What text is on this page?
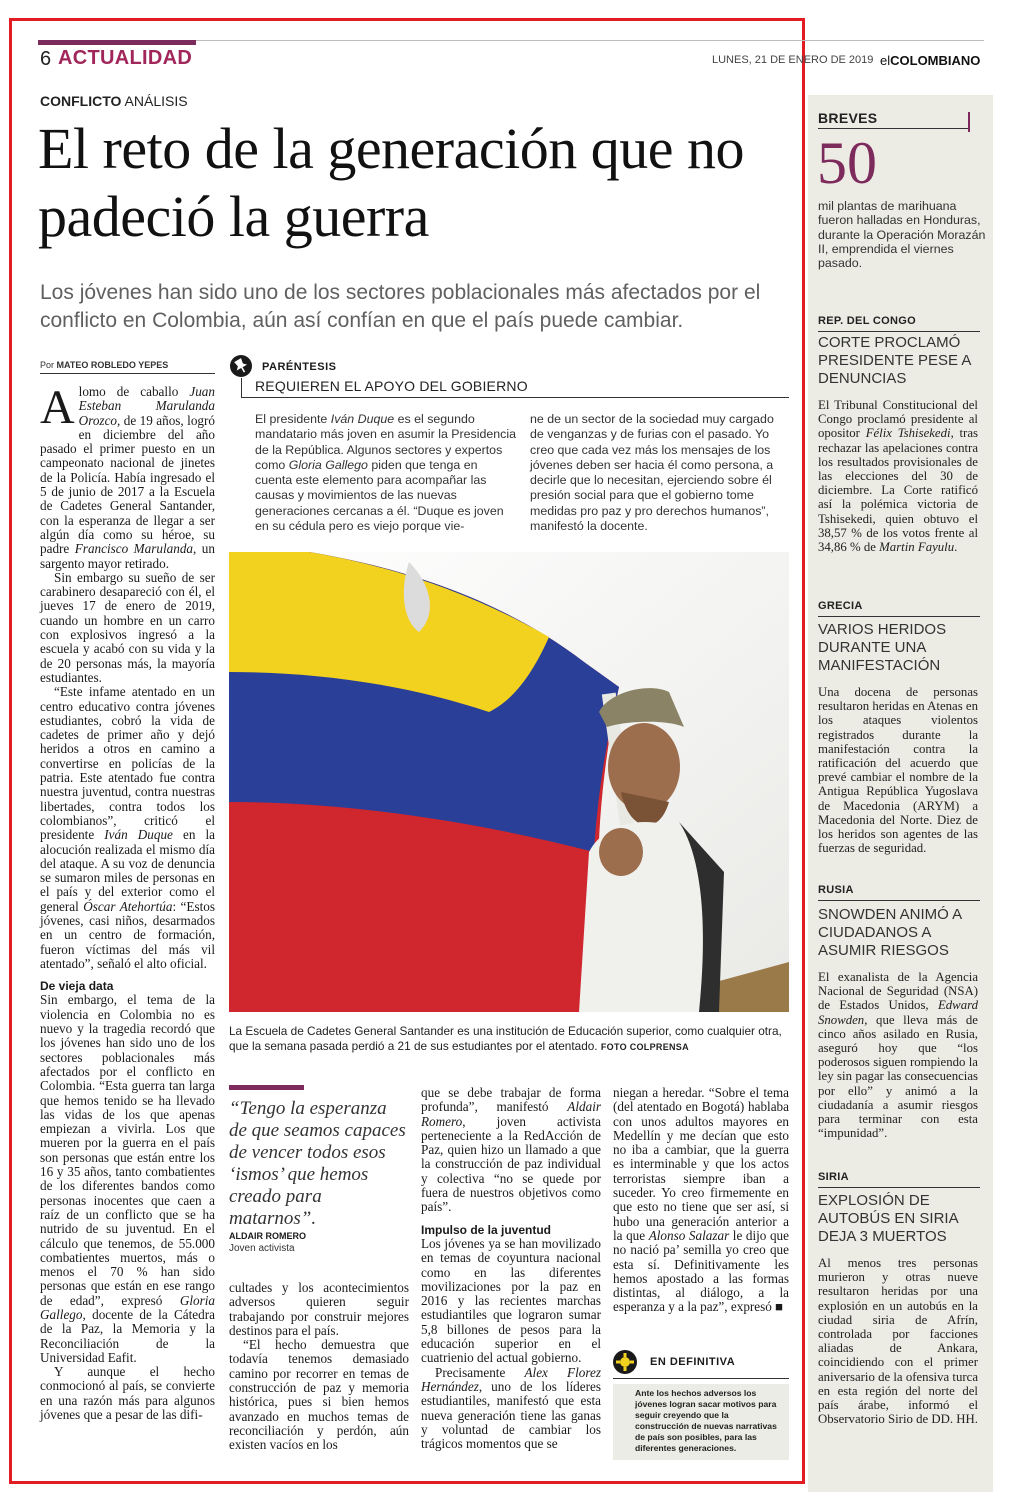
6 ACTUALIDAD	LUNES, 21 DE ENERO DE 2019 elCOLOMBIANO
CONFLICTO ANÁLISIS
El reto de la generación que no padeció la guerra
Los jóvenes han sido uno de los sectores poblacionales más afectados por el conflicto en Colombia, aún así confían en que el país puede cambiar.
Por MATEO ROBLEDO YEPES

Alomo de caballo Juan Esteban Marulanda Orozco, de 19 años, logró en diciembre del año pasado el primer puesto en un campeonato nacional de jinetes de la Policía. Había ingresado el 5 de junio de 2017 a la Escuela de Cadetes General Santander, con la esperanza de llegar a ser algún día como su héroe, su padre Francisco Marulanda, un sargento mayor retirado.

Sin embargo su sueño de ser carabinero desapareció con él, el jueves 17 de enero de 2019, cuando un hombre en un carro con explosivos ingresó a la escuela y acabó con su vida y la de 20 personas más, la mayoría estudiantes.

“Este infame atentado en un centro educativo contra jóvenes estudiantes, cobró la vida de cadetes de primer año y dejó heridos a otros en camino a convertirse en policías de la patria. Este atentado fue contra nuestra juventud, contra nuestras libertades, contra todos los colombianos”, criticó el presidente Iván Duque en la alocución realizada el mismo día del ataque. A su voz de denuncia se sumaron miles de personas en el país y del exterior como el general Óscar Atehortúa: “Estos jóvenes, casi niños, desarmados en un centro de formación, fueron víctimas del más vil atentado”, señaló el alto oficial.

De vieja data

Sin embargo, el tema de la violencia en Colombia no es nuevo y la tragedia recordó que los jóvenes han sido uno de los sectores poblacionales más afectados por el conflicto en Colombia. “Esta guerra tan larga que hemos tenido se ha llevado las vidas de los que apenas empiezan a vivirla. Los que mueren por la guerra en el país son personas que están entre los 16 y 35 años, tanto combatientes de los diferentes bandos como personas inocentes que caen a raíz de un conflicto que se ha nutrido de su juventud. En el cálculo que tenemos, de 55.000 combatientes muertos, más o menos el 70 % han sido personas que están en ese rango de edad”, expresó Gloria Gallego, docente de la Cátedra de la Paz, la Memoria y la Reconciliación de la Universidad Eafit.

Y aunque el hecho conmocionó al país, se convierte en una razón más para algunos jóvenes que a pesar de las difi-

PARÉNTESIS
REQUIEREN EL APOYO DEL GOBIERNO
El presidente Iván Duque es el segundo mandatario más joven en asumir la Presidencia de la República. Algunos sectores y expertos como Gloria Gallego piden que tenga en cuenta este elemento para acompañar las causas y movimientos de las nuevas generaciones cercanas a él. “Duque es joven en su cédula pero es viejo porque vie-
ne de un sector de la sociedad muy cargado de venganzas y de furias con el pasado. Yo creo que cada vez más los mensajes de los jóvenes deben ser hacia él como persona, a decirle que lo necesitan, ejerciendo sobre él presión social para que el gobierno tome medidas pro paz y pro derechos humanos”, manifestó la docente.
La Escuela de Cadetes General Santander es una institución de Educación superior, como cualquier otra, que la semana pasada perdió a 21 de sus estudiantes por el atentado. FOTO COLPRENSA
“Tengo la esperanza de que seamos capaces de vencer todos esos ‘ismos’ que hemos creado para matarnos”.
ALDAIR ROMERO
Joven activista

cultades y los acontecimientos adversos quieren seguir trabajando por construir mejores destinos para el país.

“El hecho demuestra que todavía tenemos demasiado camino por recorrer en temas de construcción de paz y memoria histórica, pues si bien hemos avanzado en muchos temas de reconciliación y perdón, aún existen vacíos en los

que se debe trabajar de forma profunda”, manifestó Aldair Romero, joven activista perteneciente a la RedAcción de Paz, quien hizo un llamado a que la construcción de paz individual y colectiva “no se quede por fuera de nuestros objetivos como país”.

Impulso de la juventud

Los jóvenes ya se han movilizado en temas de coyuntura nacional como en las diferentes movilizaciones por la paz en 2016 y las recientes marchas estudiantiles que lograron sumar 5,8 billones de pesos para la educación superior en el cuatrienio del actual gobierno.

Precisamente Alex Florez Hernández, uno de los líderes estudiantiles, manifestó que esta nueva generación tiene las ganas y voluntad de cambiar los trágicos momentos que se

niegan a heredar. “Sobre el tema (del atentado en Bogotá) hablaba con unos adultos mayores en Medellín y me decían que esto no iba a cambiar, que la guerra es interminable y que los actos terroristas siempre iban a suceder. Yo creo firmemente en que esto no tiene que ser así, si hubo una generación anterior a la que Alonso Salazar le dijo que no nació pa’ semilla yo creo que esta sí. Definitivamente les hemos apostado a las formas distintas, al diálogo, a la esperanza y a la paz”, expresó ■

EN DEFINITIVA
Ante los hechos adversos los jóvenes logran sacar motivos para seguir creyendo que la construcción de nuevas narrativas de país son posibles, para las diferentes generaciones.
BREVES
50
mil plantas de marihuana fueron halladas en Honduras, durante la Operación Morazán II, emprendida el viernes pasado.
REP. DEL CONGO
CORTE PROCLAMÓ PRESIDENTE PESE A DENUNCIAS
El Tribunal Constitucional del Congo proclamó presidente al opositor Félix Tshisekedi, tras rechazar las apelaciones contra los resultados provisionales de las elecciones del 30 de diciembre. La Corte ratificó así la polémica victoria de Tshisekedi, quien obtuvo el 38,57 % de los votos frente al 34,86 % de Martin Fayulu.
GRECIA
VARIOS HERIDOS DURANTE UNA MANIFESTACIÓN
Una docena de personas resultaron heridas en Atenas en los ataques violentos registrados durante la manifestación contra la ratificación del acuerdo que prevé cambiar el nombre de la Antigua República Yugoslava de Macedonia (ARYM) a Macedonia del Norte. Diez de los heridos son agentes de las fuerzas de seguridad.
RUSIA
SNOWDEN ANIMÓ A CIUDADANOS A ASUMIR RIESGOS
El exanalista de la Agencia Nacional de Seguridad (NSA) de Estados Unidos, Edward Snowden, que lleva más de cinco años asilado en Rusia, aseguró hoy que “los poderosos siguen rompiendo la ley sin pagar las consecuencias por ello” y animó a la ciudadanía a asumir riesgos para terminar con esta “impunidad”.
SIRIA
EXPLOSIÓN DE AUTOBÚS EN SIRIA DEJA 3 MUERTOS
Al menos tres personas murieron y otras nueve resultaron heridas por una explosión en un autobús en la ciudad siria de Afrín, controlada por facciones aliadas de Ankara, coincidiendo con el primer aniversario de la ofensiva turca en esta región del norte del país árabe, informó el Observatorio Sirio de DD. HH.
